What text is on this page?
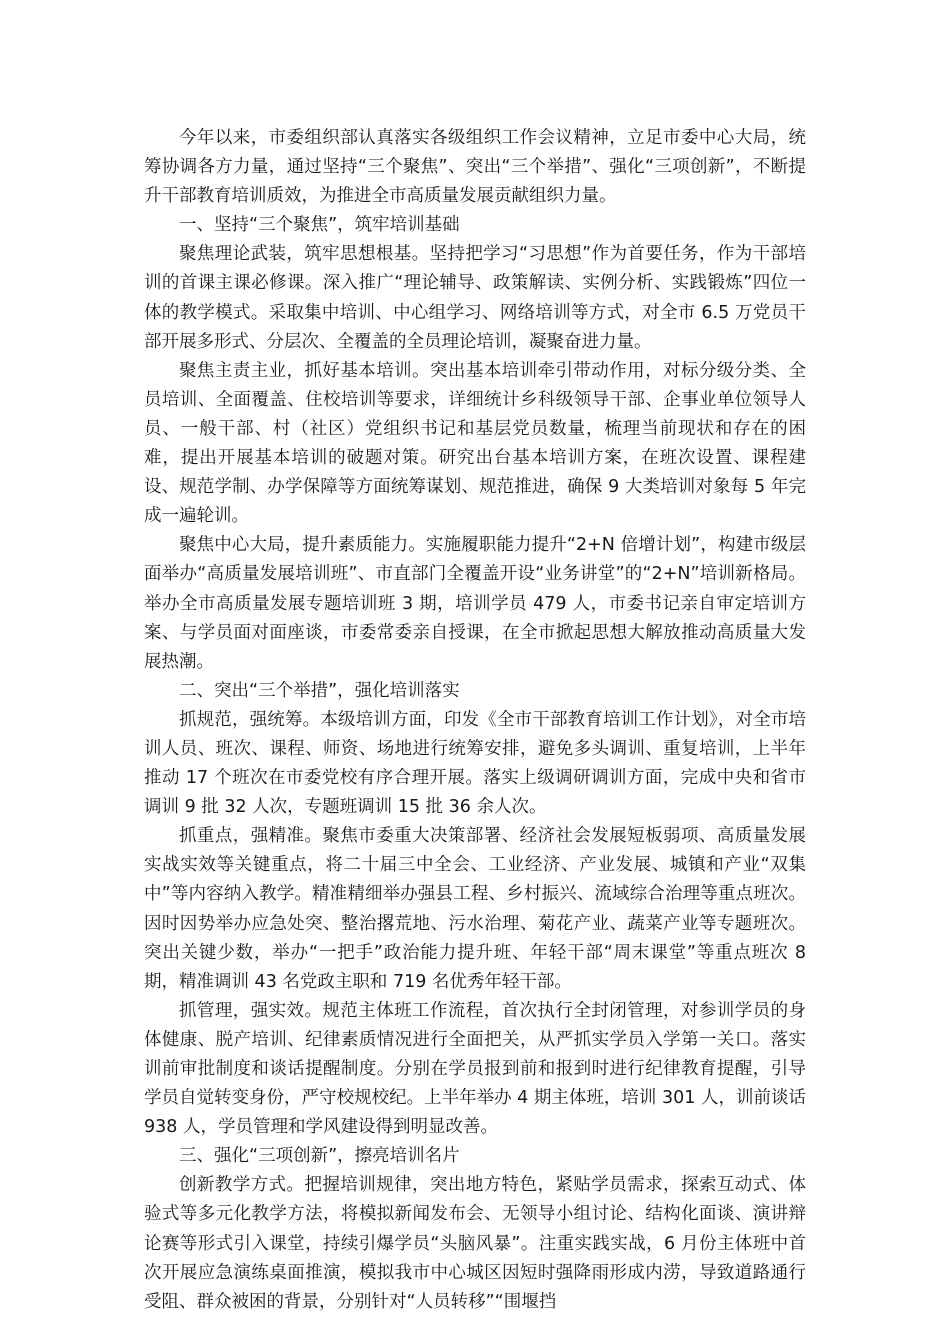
今年以来，市委组织部认真落实各级组织工作会议精神，立足市委中心大局，统筹协调各方力量，通过坚持“三个聚焦”、突出“三个举措”、强化“三项创新”，不断提升干部教育培训质效，为推进全市高质量发展贡献组织力量。

一、坚持“三个聚焦”，筑牢培训基础

聚焦理论武装，筑牢思想根基。坚持把学习“习思想”作为首要任务，作为干部培训的首课主课必修课。深入推广“理论辅导、政策解读、实例分析、实践锻炼”四位一体的教学模式。采取集中培训、中心组学习、网络培训等方式，对全市 6.5 万党员干部开展多形式、分层次、全覆盖的全员理论培训，凝聚奋进力量。

聚焦主责主业，抓好基本培训。突出基本培训牵引带动作用，对标分级分类、全员培训、全面覆盖、住校培训等要求，详细统计乡科级领导干部、企事业单位领导人员、一般干部、村（社区）党组织书记和基层党员数量，梳理当前现状和存在的困难，提出开展基本培训的破题对策。研究出台基本培训方案，在班次设置、课程建设、规范学制、办学保障等方面统筹谋划、规范推进，确保 9 大类培训对象每 5 年完成一遍轮训。

聚焦中心大局，提升素质能力。实施履职能力提升“2+N 倍增计划”，构建市级层面举办“高质量发展培训班”、市直部门全覆盖开设“业务讲堂”的“2+N”培训新格局。举办全市高质量发展专题培训班 3 期，培训学员 479 人，市委书记亲自审定培训方案、与学员面对面座谈，市委常委亲自授课，在全市掀起思想大解放推动高质量大发展热潮。

二、突出“三个举措”，强化培训落实

抓规范，强统筹。本级培训方面，印发《全市干部教育培训工作计划》，对全市培训人员、班次、课程、师资、场地进行统筹安排，避免多头调训、重复培训，上半年推动 17 个班次在市委党校有序合理开展。落实上级调研调训方面，完成中央和省市调训 9 批 32 人次，专题班调训 15 批 36 余人次。

抓重点，强精准。聚焦市委重大决策部署、经济社会发展短板弱项、高质量发展实战实效等关键重点，将二十届三中全会、工业经济、产业发展、城镇和产业“双集中”等内容纳入教学。精准精细举办强县工程、乡村振兴、流域综合治理等重点班次。因时因势举办应急处突、整治撂荒地、污水治理、菊花产业、蔬菜产业等专题班次。突出关键少数，举办“一把手”政治能力提升班、年轻干部“周末课堂”等重点班次 8 期，精准调训 43 名党政主职和 719 名优秀年轻干部。

抓管理，强实效。规范主体班工作流程，首次执行全封闭管理，对参训学员的身体健康、脱产培训、纪律素质情况进行全面把关，从严抓实学员入学第一关口。落实训前审批制度和谈话提醒制度。分别在学员报到前和报到时进行纪律教育提醒，引导学员自觉转变身份，严守校规校纪。上半年举办 4 期主体班，培训 301 人，训前谈话 938 人，学员管理和学风建设得到明显改善。

三、强化“三项创新”，擦亮培训名片

创新教学方式。把握培训规律，突出地方特色，紧贴学员需求，探索互动式、体验式等多元化教学方法，将模拟新闻发布会、无领导小组讨论、结构化面谈、演讲辩论赛等形式引入课堂，持续引爆学员“头脑风暴”。注重实践实战，6 月份主体班中首次开展应急演练桌面推演，模拟我市中心城区因短时强降雨形成内涝，导致道路通行受阻、群众被困的背景，分别针对“人员转移”“围堰挡
